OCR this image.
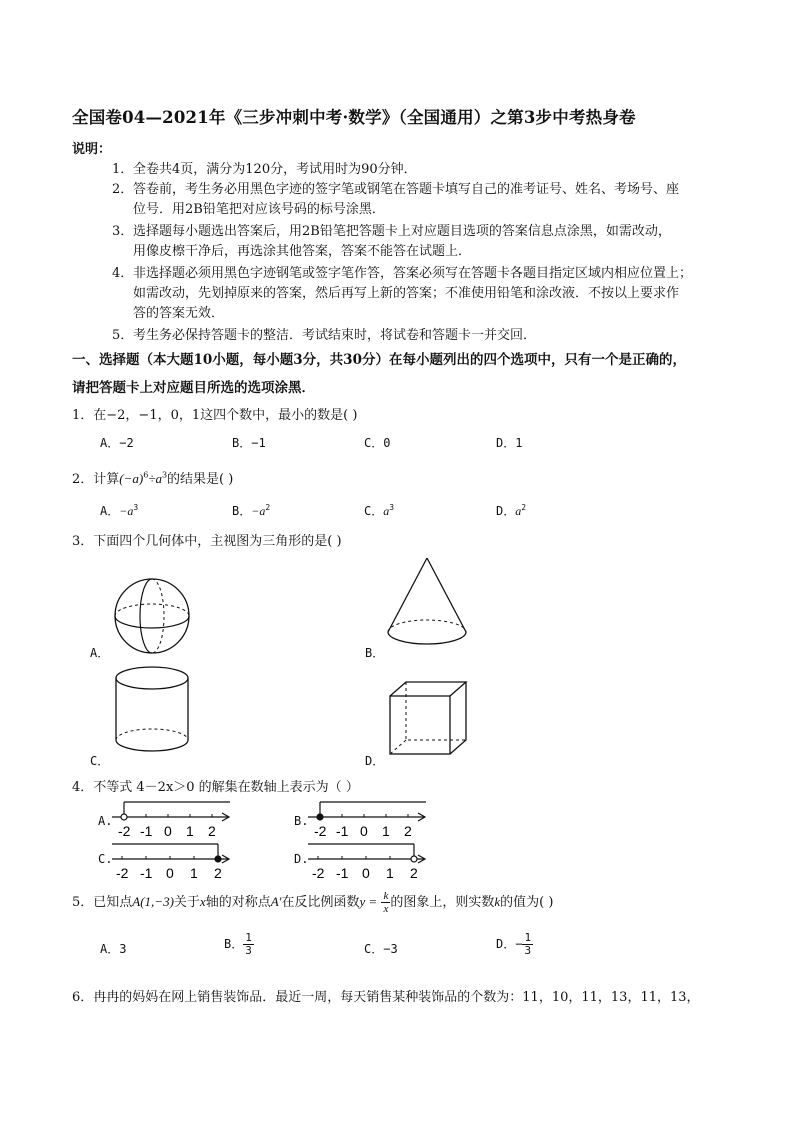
全国卷04—2021年《三步冲刺中考·数学》（全国通用）之第3步中考热身卷
说明：
1． 全卷共4页，满分为120分，考试用时为90分钟．
2． 答卷前，考生务必用黑色字迹的签字笔或钢笔在答题卡填写自己的准考证号、姓名、考场号、座
位号．用2B铅笔把对应该号码的标号涂黑．
3． 选择题每小题选出答案后，用2B铅笔把答题卡上对应题目选项的答案信息点涂黑，如需改动，
用像皮檫干净后，再选涂其他答案，答案不能答在试题上．
4． 非选择题必须用黑色字迹钢笔或签字笔作答，答案必须写在答题卡各题目指定区域内相应位置上；
如需改动，先划掉原来的答案，然后再写上新的答案；不准使用铅笔和涂改液．不按以上要求作
答的答案无效．
5． 考生务必保持答题卡的整洁．考试结束时，将试卷和答题卡一并交回．
一、选择题（本大题10小题，每小题3分，共30分）在每小题列出的四个选项中，只有一个是正确的，
请把答题卡上对应题目所选的选项涂黑．
1．在−2，−1，0，1这四个数中，最小的数是( )
A．−2	B．−1	C．0	D．1
2．计算$(-a)^6\div a^3$的结果是( )
A．$-a^3$	B．$-a^2$	C．$a^3$	D．$a^2$
3．下面四个几何体中，主视图为三角形的是( )
A．	B．
C．	D．
4．不等式 4－2x＞0 的解集在数轴上表示为（ ）
A.
-2 -1 0 1 2
B.
-2 -1 0 1 2
C.
-2 -1 0 1 2
D.
-2 -1 0 1 2
5．已知点A(1,−3)关于x轴的对称点A′在反比例函数$y = \frac{k}{x}$ 的图象上，则实数k的值为( )
A．3	B． $\frac{1}{3}$	C．−3	D．− $\frac{1}{3}$
6．冉冉的妈妈在网上销售装饰品．最近一周，每天销售某种装饰品的个数为：11，10，11，13，11，13，
